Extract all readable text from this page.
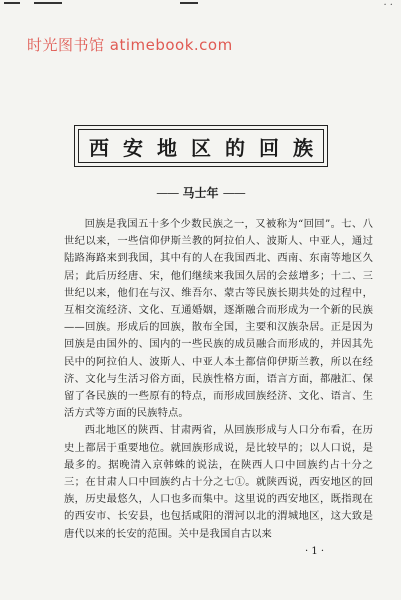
时光图书馆 atimebook.com
· ·
西安地区的回族
—— 马士年 ——

回族是我国五十多个少数民族之一，又被称为“回回”。七、八世纪以来，一些信仰伊斯兰教的阿拉伯人、波斯人、中亚人，通过陆路海路来到我国，其中有的人在我国西北、西南、东南等地区久居；此后历经唐、宋，他们继续来我国久居的会兹增多；十二、三世纪以来，他们在与汉、维吾尔、蒙古等民族长期共处的过程中，互相交流经济、文化、互通婚姻，逐渐融合而形成为一个新的民族——回族。形成后的回族，散布全国，主要和汉族杂居。正是因为回族是由国外的、国内的一些民族的成员融合而形成的，并因其先民中的阿拉伯人、波斯人、中亚人本土都信仰伊斯兰教，所以在经济、文化与生活习俗方面，民族性格方面，语言方面，都融汇、保留了各民族的一些原有的特点，而形成回族经济、文化、语言、生活方式等方面的民族特点。

西北地区的陕西、甘肃两省，从回族形成与人口分布看，在历史上都居于重要地位。就回族形成说，是比较早的；以人口说，是最多的。据晚清入京韩蛛的说法，在陕西人口中回族约占十分之三；在甘肃人口中回族约占十分之七①。就陕西说，西安地区的回族，历史最悠久，人口也多而集中。这里说的西安地区，既指现在的西安市、长安县，也包括咸阳的渭河以北的渭城地区，这大致是唐代以来的长安的范围。关中是我国自古以来

· 1 ·
